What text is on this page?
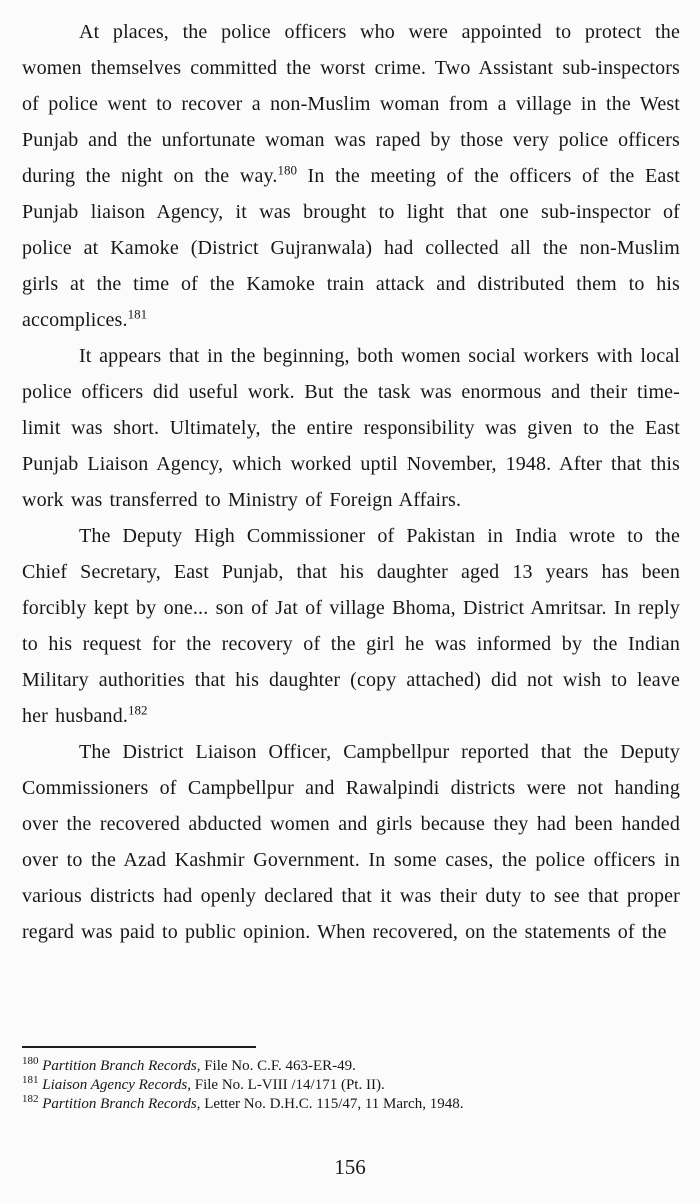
At places, the police officers who were appointed to protect the women themselves committed the worst crime. Two Assistant sub-inspectors of police went to recover a non-Muslim woman from a village in the West Punjab and the unfortunate woman was raped by those very police officers during the night on the way.$^{180}$ In the meeting of the officers of the East Punjab liaison Agency, it was brought to light that one sub-inspector of police at Kamoke (District Gujranwala) had collected all the non-Muslim girls at the time of the Kamoke train attack and distributed them to his accomplices.$^{181}$

It appears that in the beginning, both women social workers with local police officers did useful work. But the task was enormous and their time-limit was short. Ultimately, the entire responsibility was given to the East Punjab Liaison Agency, which worked uptil November, 1948. After that this work was transferred to Ministry of Foreign Affairs.

The Deputy High Commissioner of Pakistan in India wrote to the Chief Secretary, East Punjab, that his daughter aged 13 years has been forcibly kept by one... son of Jat of village Bhoma, District Amritsar. In reply to his request for the recovery of the girl he was informed by the Indian Military authorities that his daughter (copy attached) did not wish to leave her husband.$^{182}$

The District Liaison Officer, Campbellpur reported that the Deputy Commissioners of Campbellpur and Rawalpindi districts were not handing over the recovered abducted women and girls because they had been handed over to the Azad Kashmir Government. In some cases, the police officers in various districts had openly declared that it was their duty to see that proper regard was paid to public opinion. When recovered, on the statements of the

$^{180}$ Partition Branch Records, File No. C.F. 463-ER-49.
$^{181}$ Liaison Agency Records, File No. L-VIII /14/171 (Pt. II).
$^{182}$ Partition Branch Records, Letter No. D.H.C. 115/47, 11 March, 1948.
156
